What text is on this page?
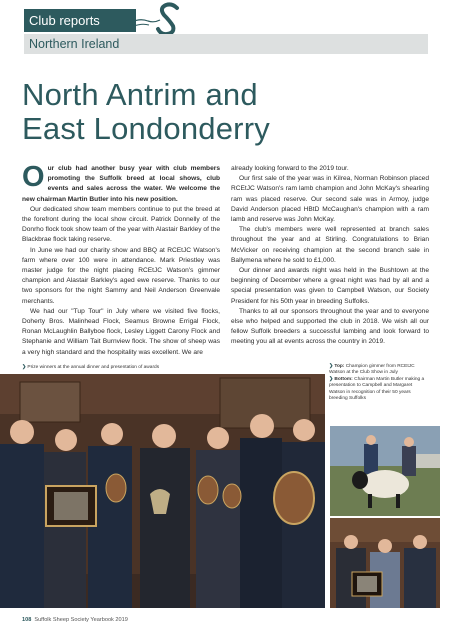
Club reports
Northern Ireland
North Antrim and
East Londonderry

Our club had another busy year with club members promoting the Suffolk breed at local shows, club events and sales across the water. We welcome the new chairman Martin Butler into his new position.

Our dedicated show team members continue to put the breed at the forefront during the local show circuit. Patrick Donnelly of the Donrho flock took show team of the year with Alastair Barkley of the Blackbrae flock taking reserve.

In June we had our charity show and BBQ at RCEtJC Watson's farm where over 100 were in attendance. Mark Priestley was master judge for the night placing RCEtJC Watson's gimmer champion and Alastair Barkley's aged ewe reserve. Thanks to our two sponsors for the night Sammy and Neil Anderson Greenvale merchants.

We had our "Tup Tour" in July where we visited five flocks, Doherty Bros. Malinhead Flock, Seamus Browne Errigal Flock, Ronan McLaughlin Ballyboe flock, Lesley Liggett Carony Flock and Stephanie and William Tait Burnview flock. The show of sheep was a very high standard and the hospitality was excellent. We are

already looking forward to the 2019 tour.

Our first sale of the year was in Kilrea, Norman Robinson placed RCEtJC Watson's ram lamb champion and John McKay's shearling ram was placed reserve. Our second sale was in Armoy, judge David Anderson placed HBtD McCaughan's champion with a ram lamb and reserve was John McKay.

The club's members were well represented at branch sales throughout the year and at Stirling. Congratulations to Brian McVicker on receiving champion at the second branch sale in Ballymena where he sold to £1,000.

Our dinner and awards night was held in the Bushtown at the beginning of December where a great night was had by all and a special presentation was given to Campbell Watson, our Society President for his 50th year in breeding Suffolks.

Thanks to all our sponsors throughout the year and to everyone else who helped and supported the club in 2018. We wish all our fellow Suffolk breeders a successful lambing and look forward to meeting you all at events across the country in 2019.

❯ Prize winners at the annual dinner and presentation of awards	❯ Top: Champion gimmer from RCEtJC Watson at the Club Show in July
❯ Bottom: Chairman Martin Butler making a presentation to Campbell and Margaret Watson in recognition of their 50 years breeding Suffolks
108 Suffolk Sheep Society Yearbook 2019
